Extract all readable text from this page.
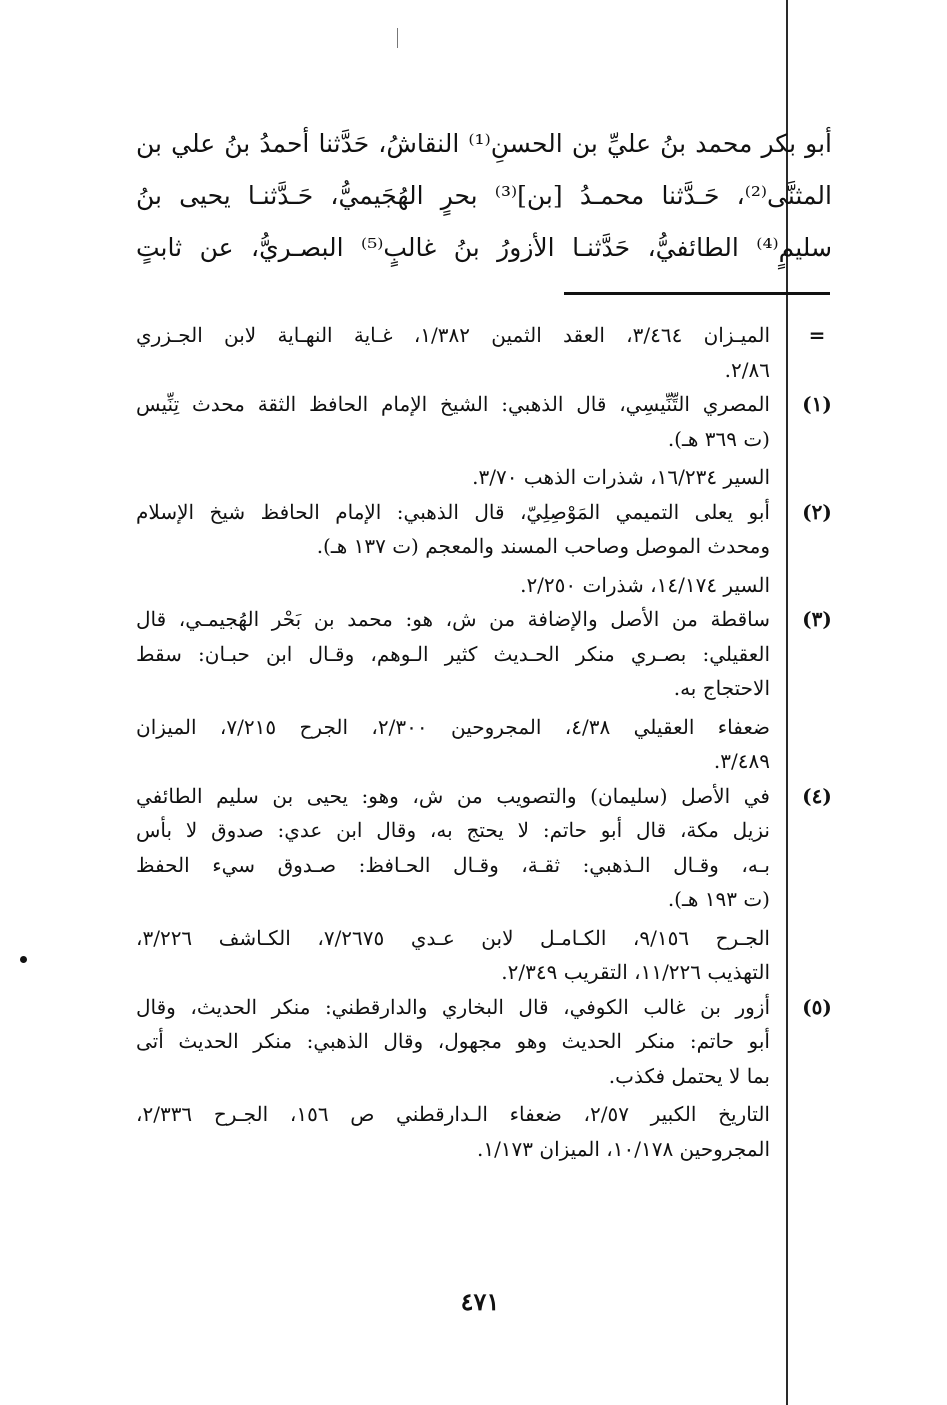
أبو بكر محمد بنُ عليِّ بن الحسنِ⁽¹⁾ النقاشُ، حَدَّثنا أحمدُ بنُ علي بن
المثنَّى⁽²⁾، حَـدَّثنا محمـدُ [بن]⁽³⁾ بحرٍ الهُجَيميُّ، حَـدَّثنـا يحيى بنُ
سليمٍ⁽⁴⁾ الطائفيُّ، حَدَّثنـا الأزورُ بنُ غالبٍ⁽⁵⁾ البصـريُّ، عن ثابتٍ
=
الميـزان ٣/٤٦٤، العقد الثمين ١/٣٨٢، غـاية النهـاية لابن الجـزري
٢/٨٦.
(١)
المصري التِّنِّيسِي، قال الذهبي: الشيخ الإمام الحافظ الثقة محدث تِنِّيس
(ت ٣٦٩ هـ).
السير ١٦/٢٣٤، شذرات الذهب ٣/٧٠.
(٢)
أبو يعلى التميمي المَوْصِلِيّ، قال الذهبي: الإمام الحافظ شيخ الإسلام
ومحدث الموصل وصاحب المسند والمعجم (ت ١٣٧ هـ).
السير ١٤/١٧٤، شذرات ٢/٢٥٠.
(٣)
ساقطة من الأصل والإضافة من ش، هو: محمد بن بَحْر الهُجيمـي، قال
العقيلي: بصـري منكر الحـديث كثير الـوهم، وقـال ابن حبـان: سقط
الاحتجاج به.
ضعفاء العقيلي ٤/٣٨، المجروحين ٢/٣٠٠، الجرح ٧/٢١٥، الميزان
٣/٤٨٩.
(٤)
في الأصل (سليمان) والتصويب من ش، وهو: يحيى بن سليم الطائفي
نزيل مكة، قال أبو حاتم: لا يحتج به، وقال ابن عدي: صدوق لا بأس
بـه، وقـال الـذهبي: ثقـة، وقـال الحـافظ: صـدوق سيء الحفظ
(ت ١٩٣ هـ).
الجـرح ٩/١٥٦، الكـامـل لابن عـدي ٧/٢٦٧٥، الكـاشف ٣/٢٢٦،
التهذيب ١١/٢٢٦، التقريب ٢/٣٤٩.
(٥)
أزور بن غالب الكوفي، قال البخاري والدارقطني: منكر الحديث، وقال
أبو حاتم: منكر الحديث وهو مجهول، وقال الذهبي: منكر الحديث أتى
بما لا يحتمل فكذب.
التاريخ الكبير ٢/٥٧، ضعفاء الـدارقطني ص ١٥٦، الجـرح ٢/٣٣٦،
المجروحين ١٠/١٧٨، الميزان ١/١٧٣.
٤٧١
